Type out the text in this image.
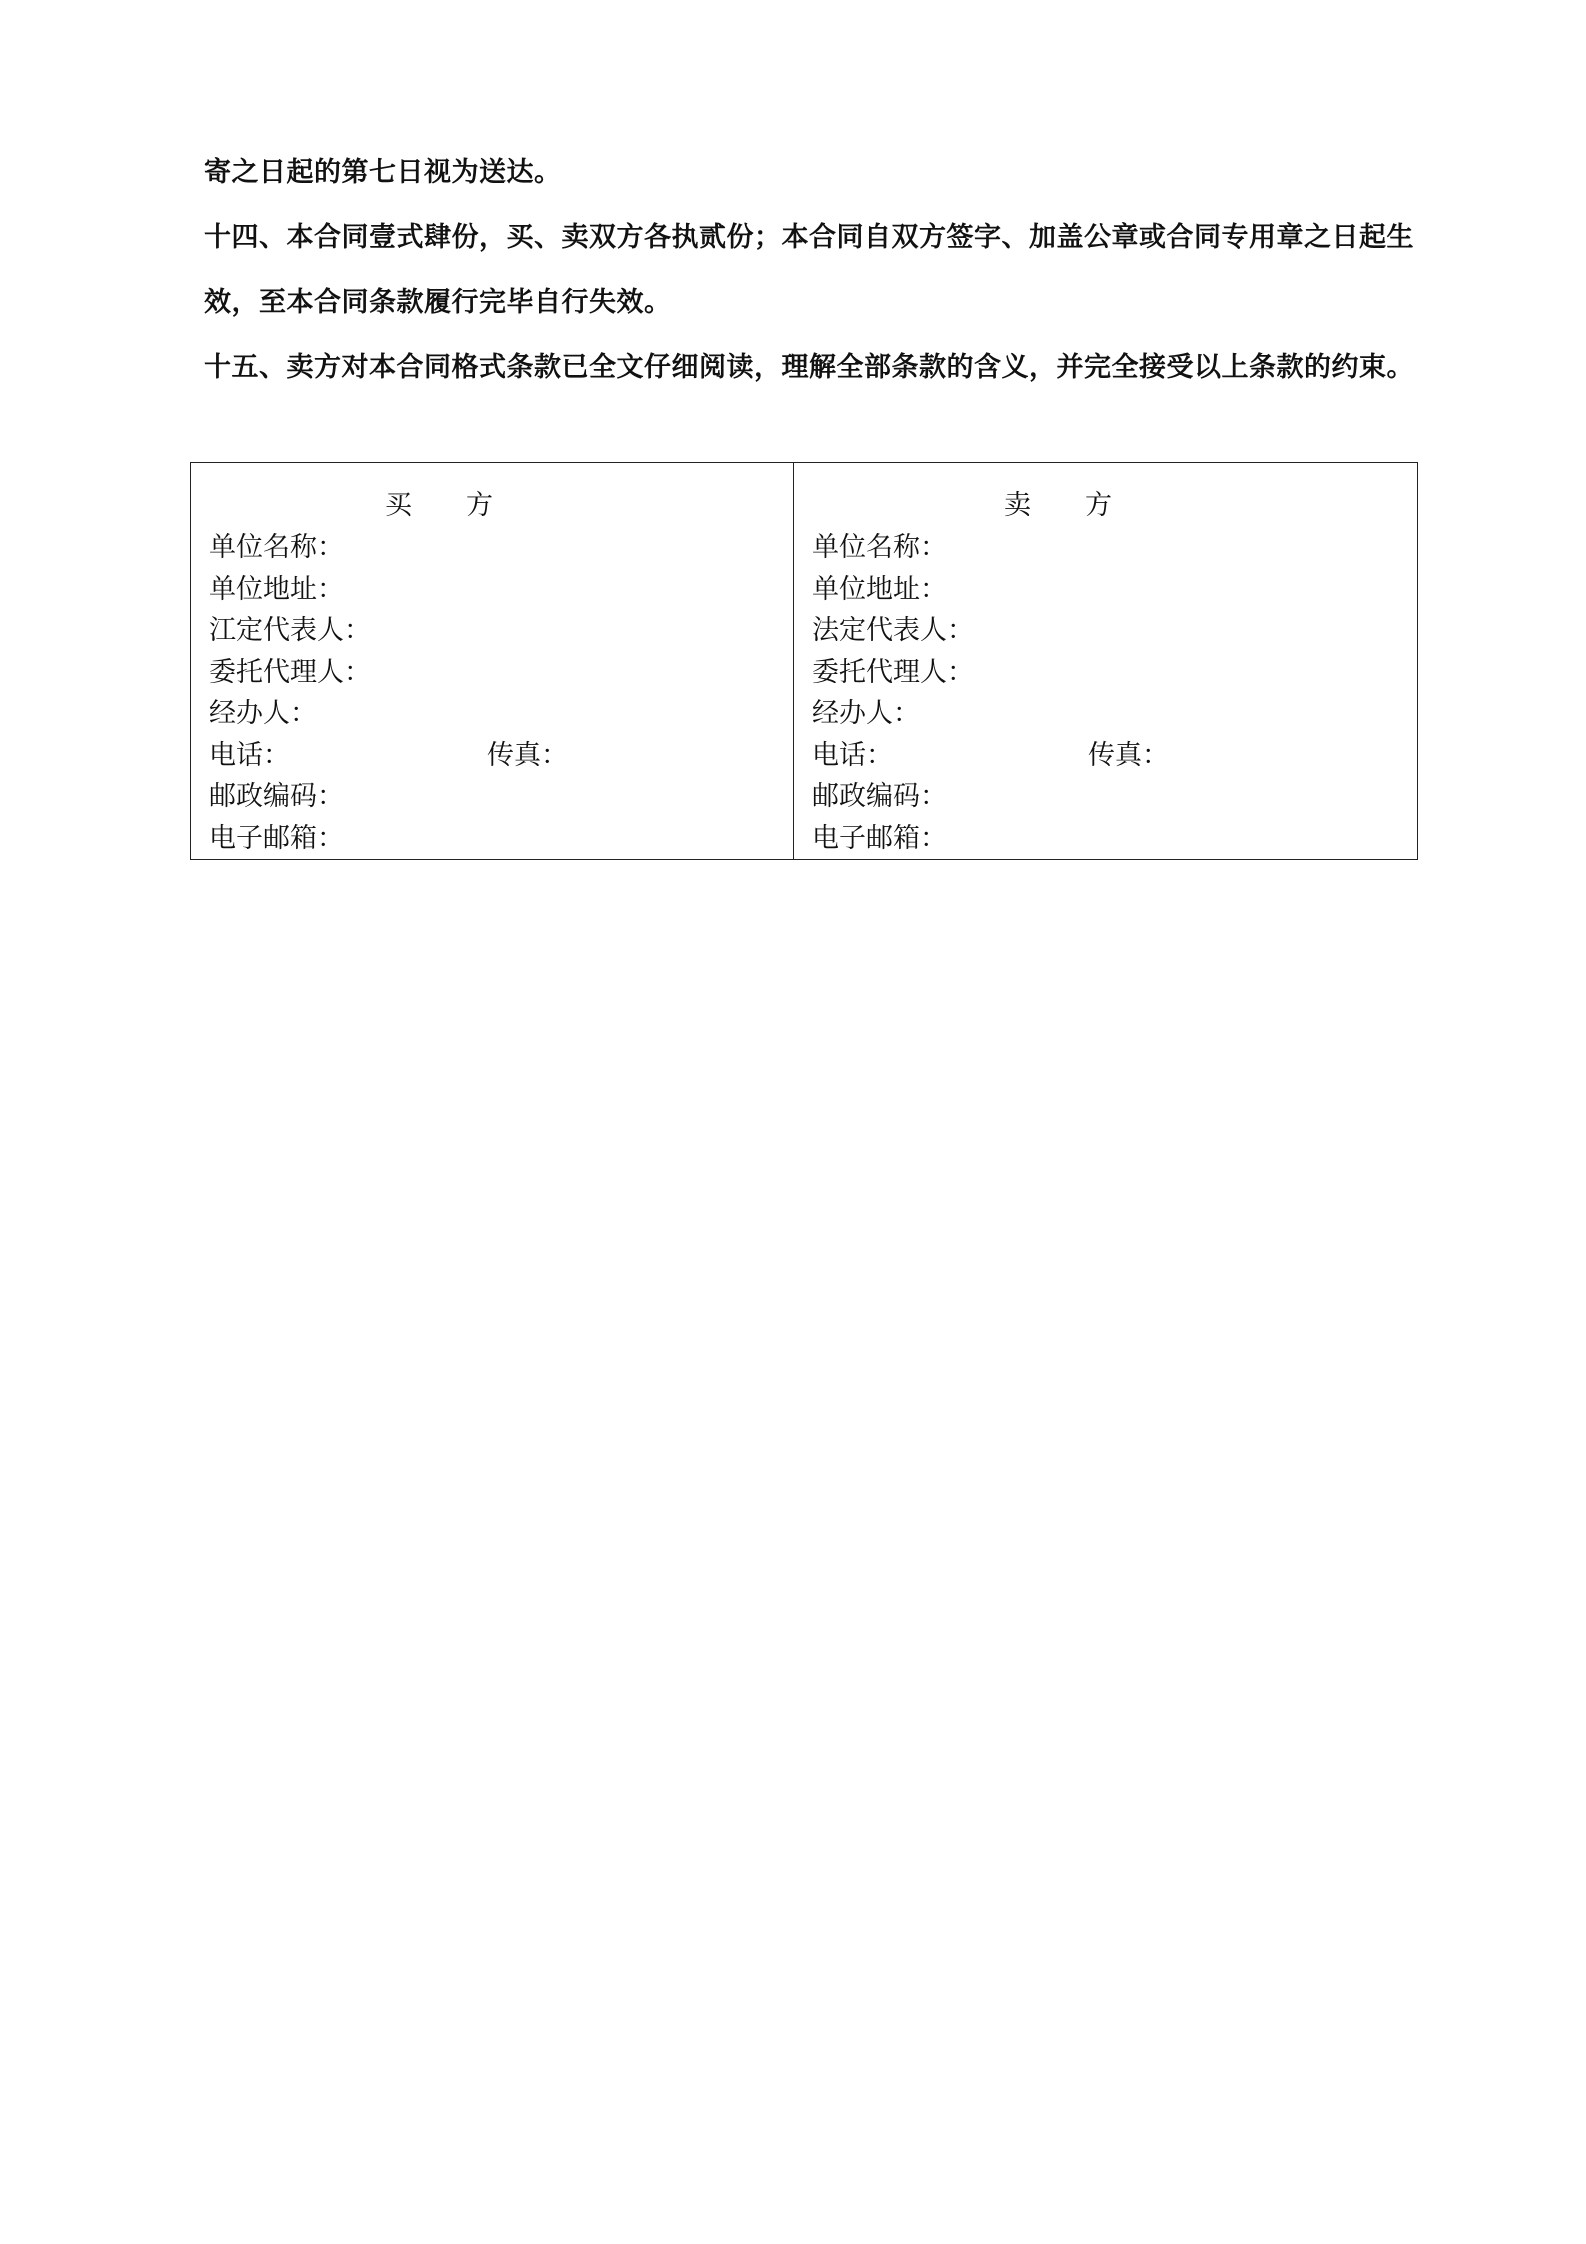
寄之日起的第七日视为送达。

十四、本合同壹式肆份，买、卖双方各执贰份；本合同自双方签字、加盖公章或合同专用章之日起生

效，至本合同条款履行完毕自行失效。

十五、卖方对本合同格式条款已全文仔细阅读，理解全部条款的含义，并完全接受以上条款的约束。

买　　方
单位名称：
单位地址：
江定代表人：
委托代理人：
经办人：
电话：	传真：
邮政编码：
电子邮箱：
卖　　方
单位名称：
单位地址：
法定代表人：
委托代理人：
经办人：
电话：	传真：
邮政编码：
电子邮箱：
